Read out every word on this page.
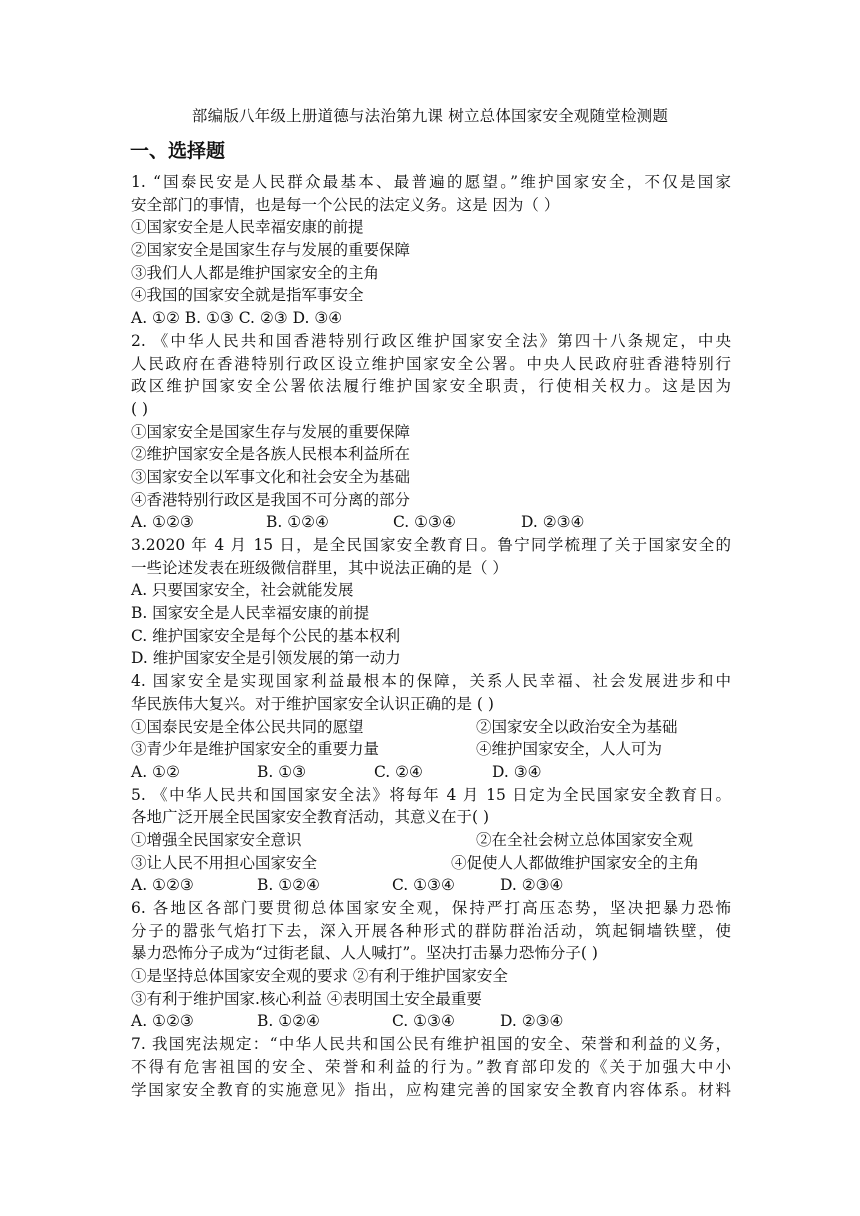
部编版八年级上册道德与法治第九课 树立总体国家安全观随堂检测题
一、选择题
1. “国泰民安是人民群众最基本、最普遍的愿望。”维护国家安全，不仅是国家
安全部门的事情，也是每一个公民的法定义务。这是 因为（ ）
①国家安全是人民幸福安康的前提
②国家安全是国家生存与发展的重要保障
③我们人人都是维护国家安全的主角
④我国的国家安全就是指军事安全
A. ①② B. ①③ C. ②③ D. ③④
2. 《中华人民共和国香港特别行政区维护国家安全法》第四十八条规定，中央
人民政府在香港特别行政区设立维护国家安全公署。中央人民政府驻香港特别行
政区维护国家安全公署依法履行维护国家安全职责，行使相关权力。这是因为
( )
①国家安全是国家生存与发展的重要保障
②维护国家安全是各族人民根本利益所在
③国家安全以军事文化和社会安全为基础
④香港特别行政区是我国不可分离的部分
A. ①②③	B. ①②④	C. ①③④	D. ②③④
3.2020 年 4 月 15 日，是全民国家安全教育日。鲁宁同学梳理了关于国家安全的
一些论述发表在班级微信群里，其中说法正确的是（ ）
A. 只要国家安全，社会就能发展
B. 国家安全是人民幸福安康的前提
C. 维护国家安全是每个公民的基本权利
D. 维护国家安全是引领发展的第一动力
4. 国家安全是实现国家利益最根本的保障，关系人民幸福、社会发展进步和中
华民族伟大复兴。对于维护国家安全认识正确的是 ( )
①国泰民安是全体公民共同的愿望	②国家安全以政治安全为基础
③青少年是维护国家安全的重要力量	④维护国家安全，人人可为
A. ①②	B. ①③	C. ②④	D. ③④
5. 《中华人民共和国国家安全法》将每年 4 月 15 日定为全民国家安全教育日。
各地广泛开展全民国家安全教育活动，其意义在于( )
①增强全民国家安全意识	②在全社会树立总体国家安全观
③让人民不用担心国家安全	④促使人人都做维护国家安全的主角
A. ①②③	B. ①②④	C. ①③④	D. ②③④
6. 各地区各部门要贯彻总体国家安全观，保持严打高压态势，坚决把暴力恐怖
分子的嚣张气焰打下去，深入开展各种形式的群防群治活动，筑起铜墙铁壁，使
暴力恐怖分子成为“过街老鼠、人人喊打”。坚决打击暴力恐怖分子( )
①是坚持总体国家安全观的要求 ②有利于维护国家安全
③有利于维护国家.核心利益 ④表明国土安全最重要
A. ①②③	B. ①②④	C. ①③④	D. ②③④
7. 我国宪法规定：“中华人民共和国公民有维护祖国的安全、荣誉和利益的义务，
不得有危害祖国的安全、荣誉和利益的行为。”教育部印发的《关于加强大中小
学国家安全教育的实施意见》指出，应构建完善的国家安全教育内容体系。材料
